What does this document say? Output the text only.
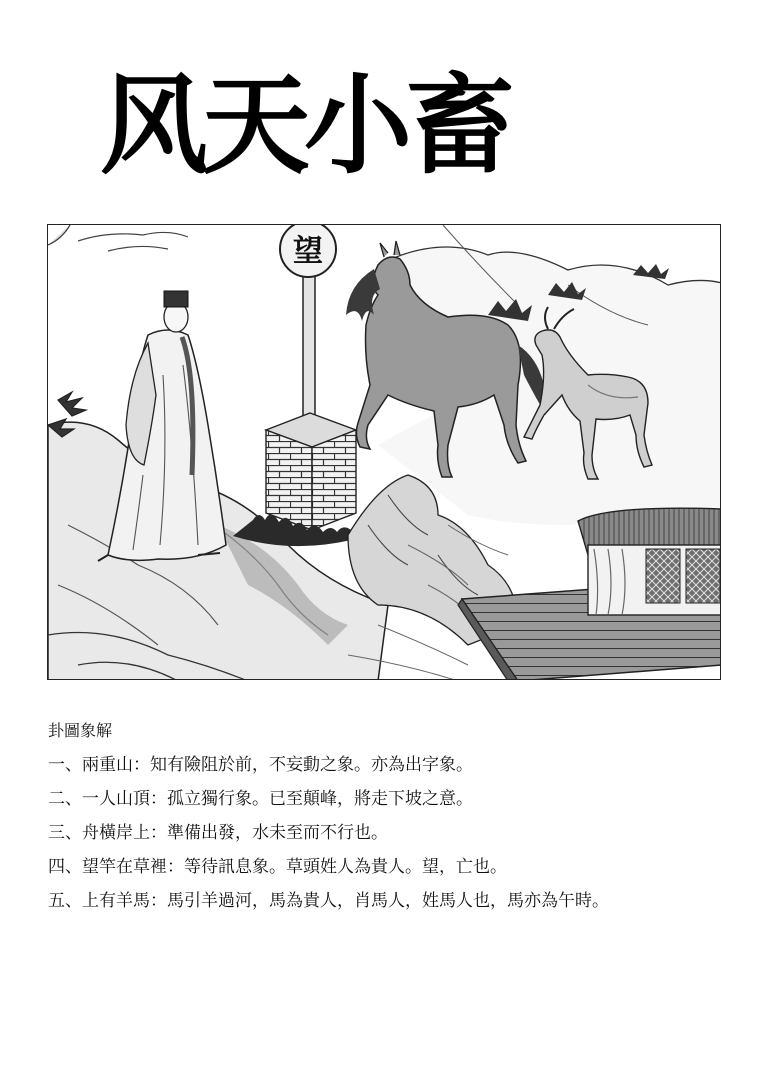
风天小畜
望
卦圖象解
一、兩重山：知有險阻於前，不妄動之象。亦為出字象。
二、一人山頂：孤立獨行象。已至顛峰，將走下坡之意。
三、舟橫岸上：準備出發，水未至而不行也。
四、望竿在草裡：等待訊息象。草頭姓人為貴人。望，亡也。
五、上有羊馬：馬引羊過河，馬為貴人，肖馬人，姓馬人也，馬亦為午時。
